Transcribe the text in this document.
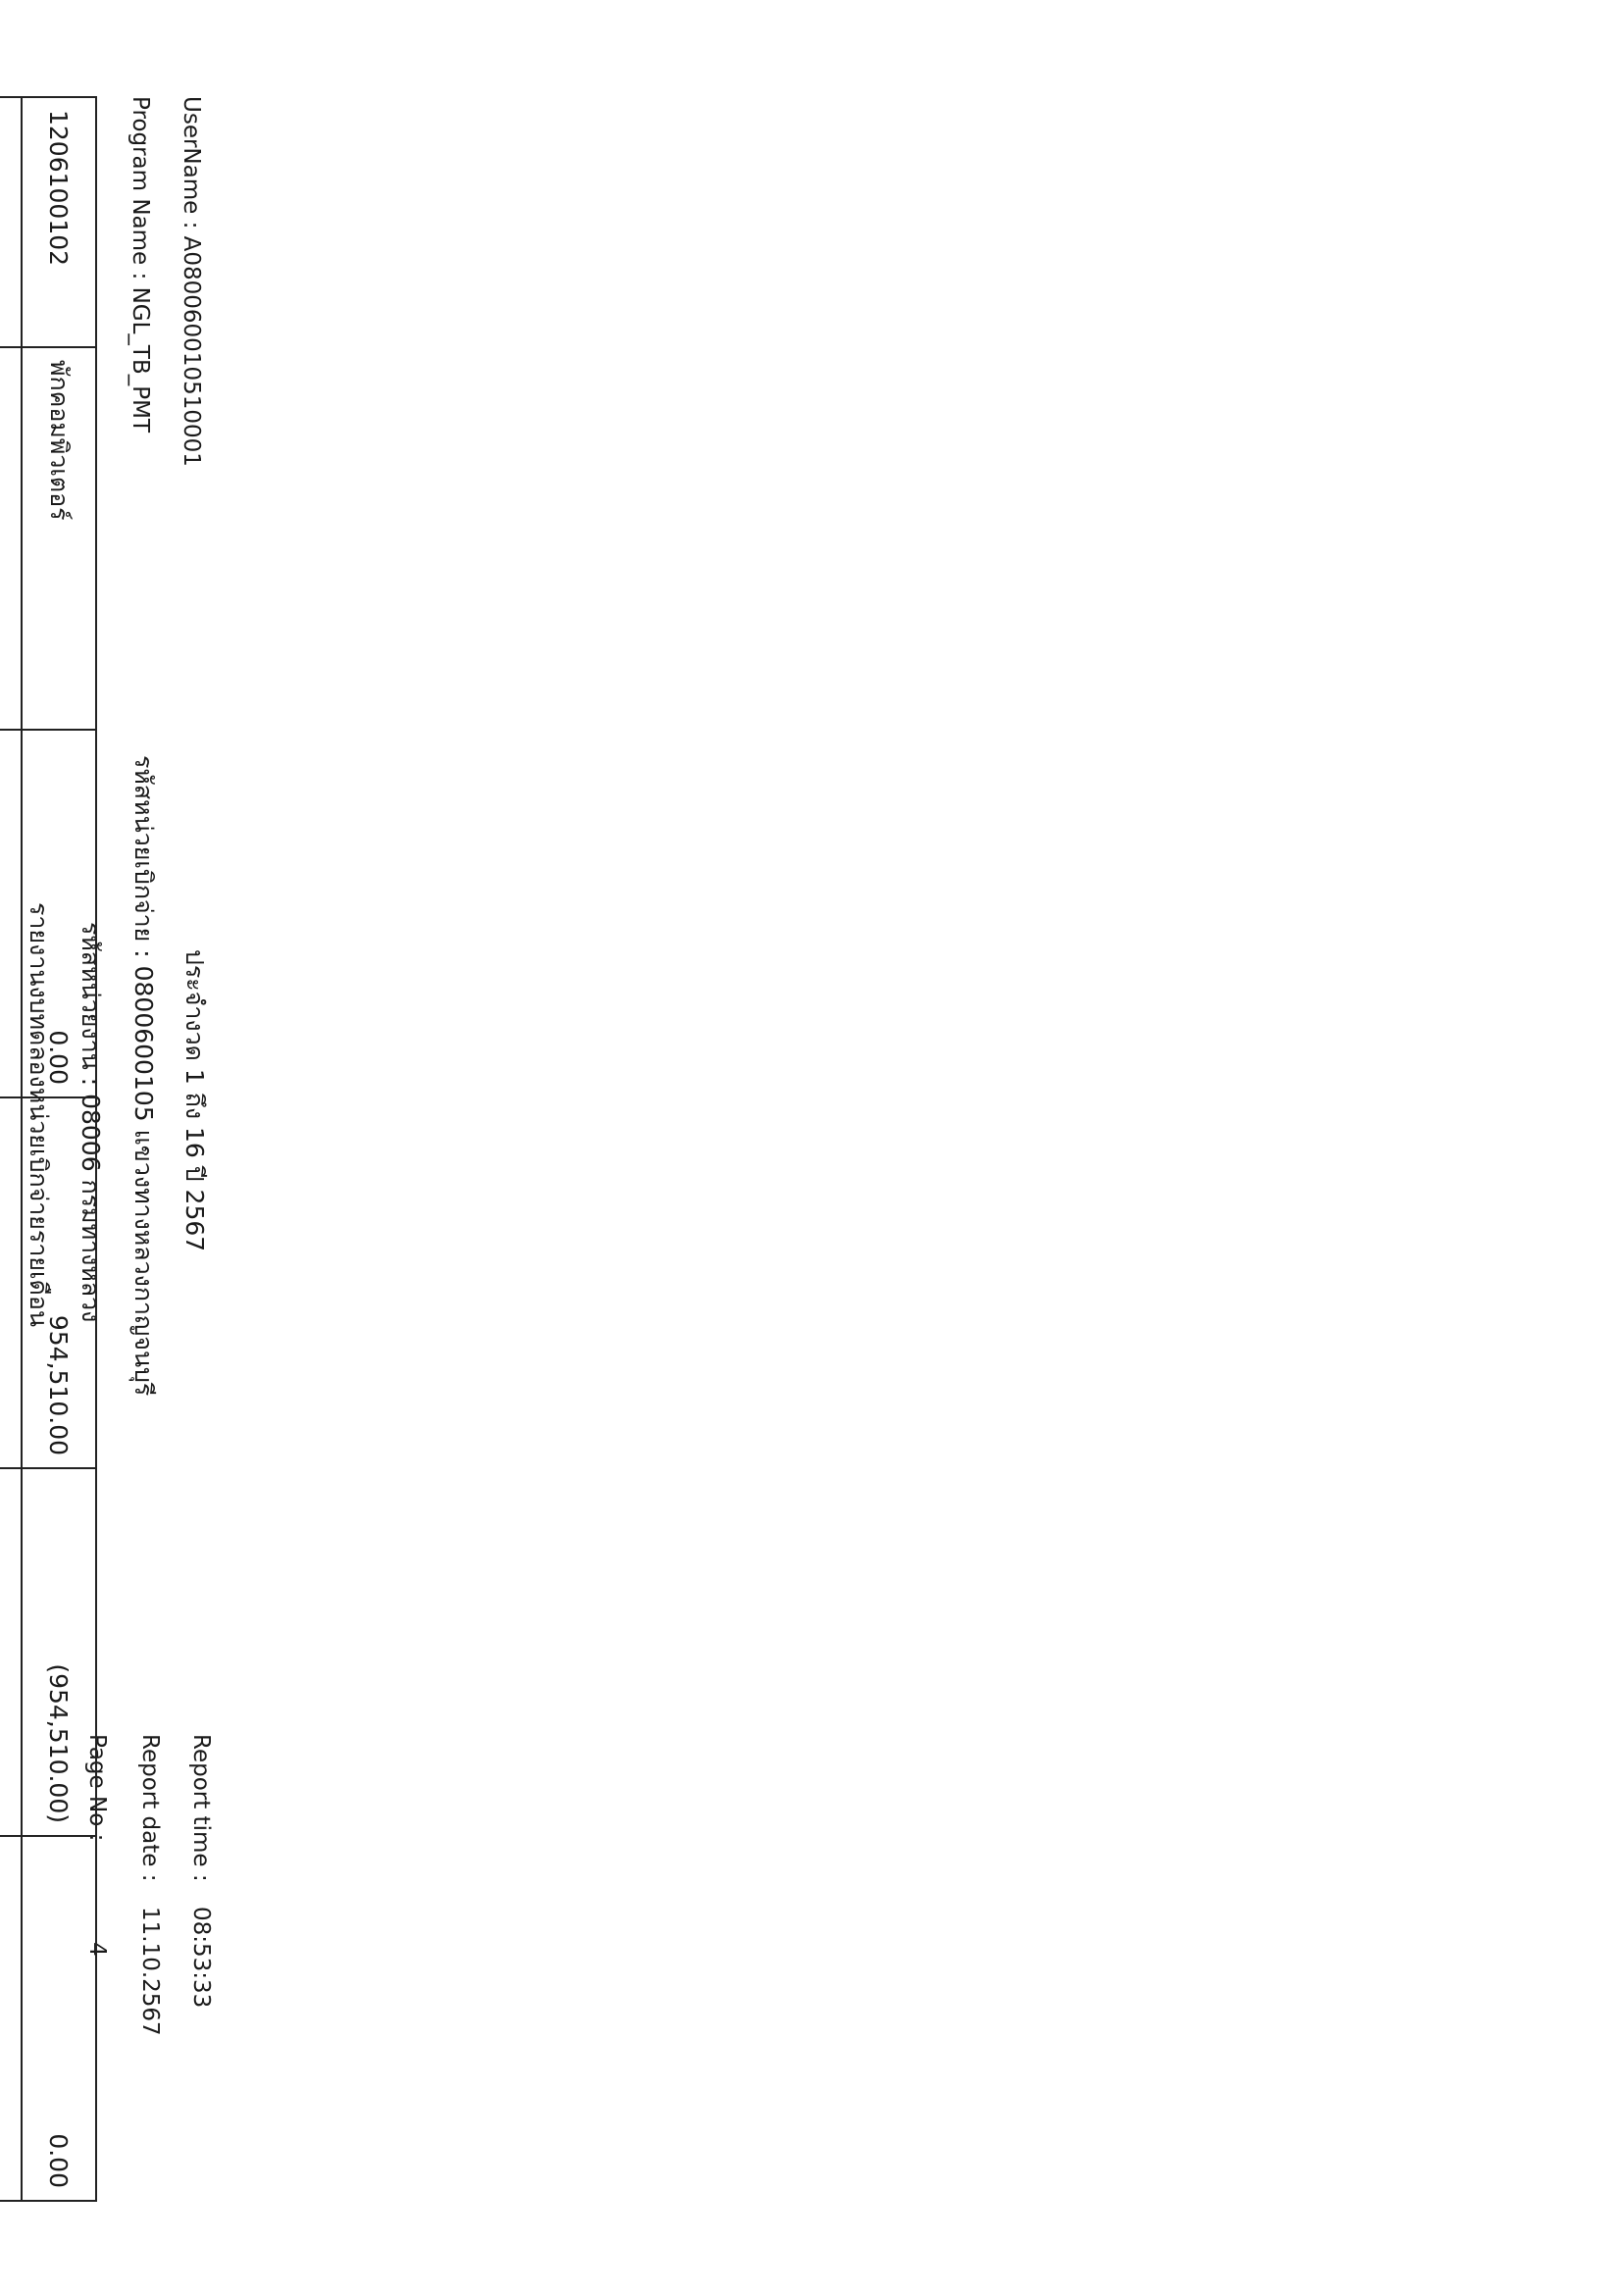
Program Name : NGL_TB_PMT UserName : A080060010510001
รายงานงบทดลองหน่วยเบิกจ่ายรายเดือน รหัสหน่วยงาน : 08006 กรมทางหลวง รหัสหน่วยเบิกจ่าย : 0800600105 แขวงทางหลวงกาญจนบุรี ประจำงวด 1 ถึง 16 ปี 2567
Page No :
4
Report date :
11.10.2567
Report time :
08:53:33

1206100102	พักคอมพิวเตอร์	0.00	954,510.00	(954,510.00)	0.00
